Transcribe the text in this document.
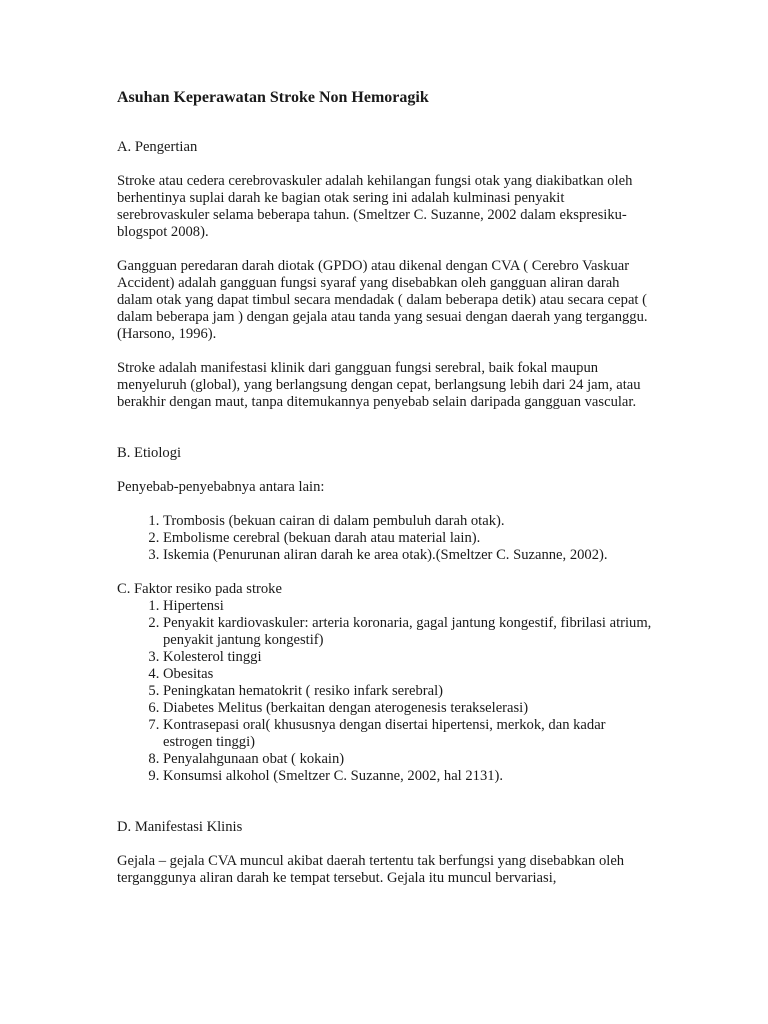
Asuhan Keperawatan Stroke Non Hemoragik

A. Pengertian

Stroke atau cedera cerebrovaskuler adalah kehilangan fungsi otak yang diakibatkan oleh berhentinya suplai darah ke bagian otak sering ini adalah kulminasi penyakit serebrovaskuler selama beberapa tahun. (Smeltzer C. Suzanne, 2002 dalam ekspresiku-blogspot 2008).

Gangguan peredaran darah diotak (GPDO) atau dikenal dengan CVA ( Cerebro Vaskuar Accident) adalah gangguan fungsi syaraf yang disebabkan oleh gangguan aliran darah dalam otak yang dapat timbul secara mendadak ( dalam beberapa detik) atau secara cepat ( dalam beberapa jam ) dengan gejala atau tanda yang sesuai dengan daerah yang terganggu.(Harsono, 1996).

Stroke adalah manifestasi klinik dari gangguan fungsi serebral, baik fokal maupun menyeluruh (global), yang berlangsung dengan cepat, berlangsung lebih dari 24 jam, atau berakhir dengan maut, tanpa ditemukannya penyebab selain daripada gangguan vascular.

B. Etiologi

Penyebab-penyebabnya antara lain:

1. Trombosis (bekuan cairan di dalam pembuluh darah otak).
2. Embolisme cerebral (bekuan darah atau material lain).
3. Iskemia (Penurunan aliran darah ke area otak).(Smeltzer C. Suzanne, 2002).

C. Faktor resiko pada stroke

1. Hipertensi
2. Penyakit kardiovaskuler: arteria koronaria, gagal jantung kongestif, fibrilasi atrium, penyakit jantung kongestif)
3. Kolesterol tinggi
4. Obesitas
5. Peningkatan hematokrit ( resiko infark serebral)
6. Diabetes Melitus (berkaitan dengan aterogenesis terakselerasi)
7. Kontrasepasi oral( khususnya dengan disertai hipertensi, merkok, dan kadar estrogen tinggi)
8. Penyalahgunaan obat ( kokain)
9. Konsumsi alkohol (Smeltzer C. Suzanne, 2002, hal 2131).

D. Manifestasi Klinis

Gejala – gejala CVA muncul akibat daerah tertentu tak berfungsi yang disebabkan oleh terganggunya aliran darah ke tempat tersebut. Gejala itu muncul bervariasi,
